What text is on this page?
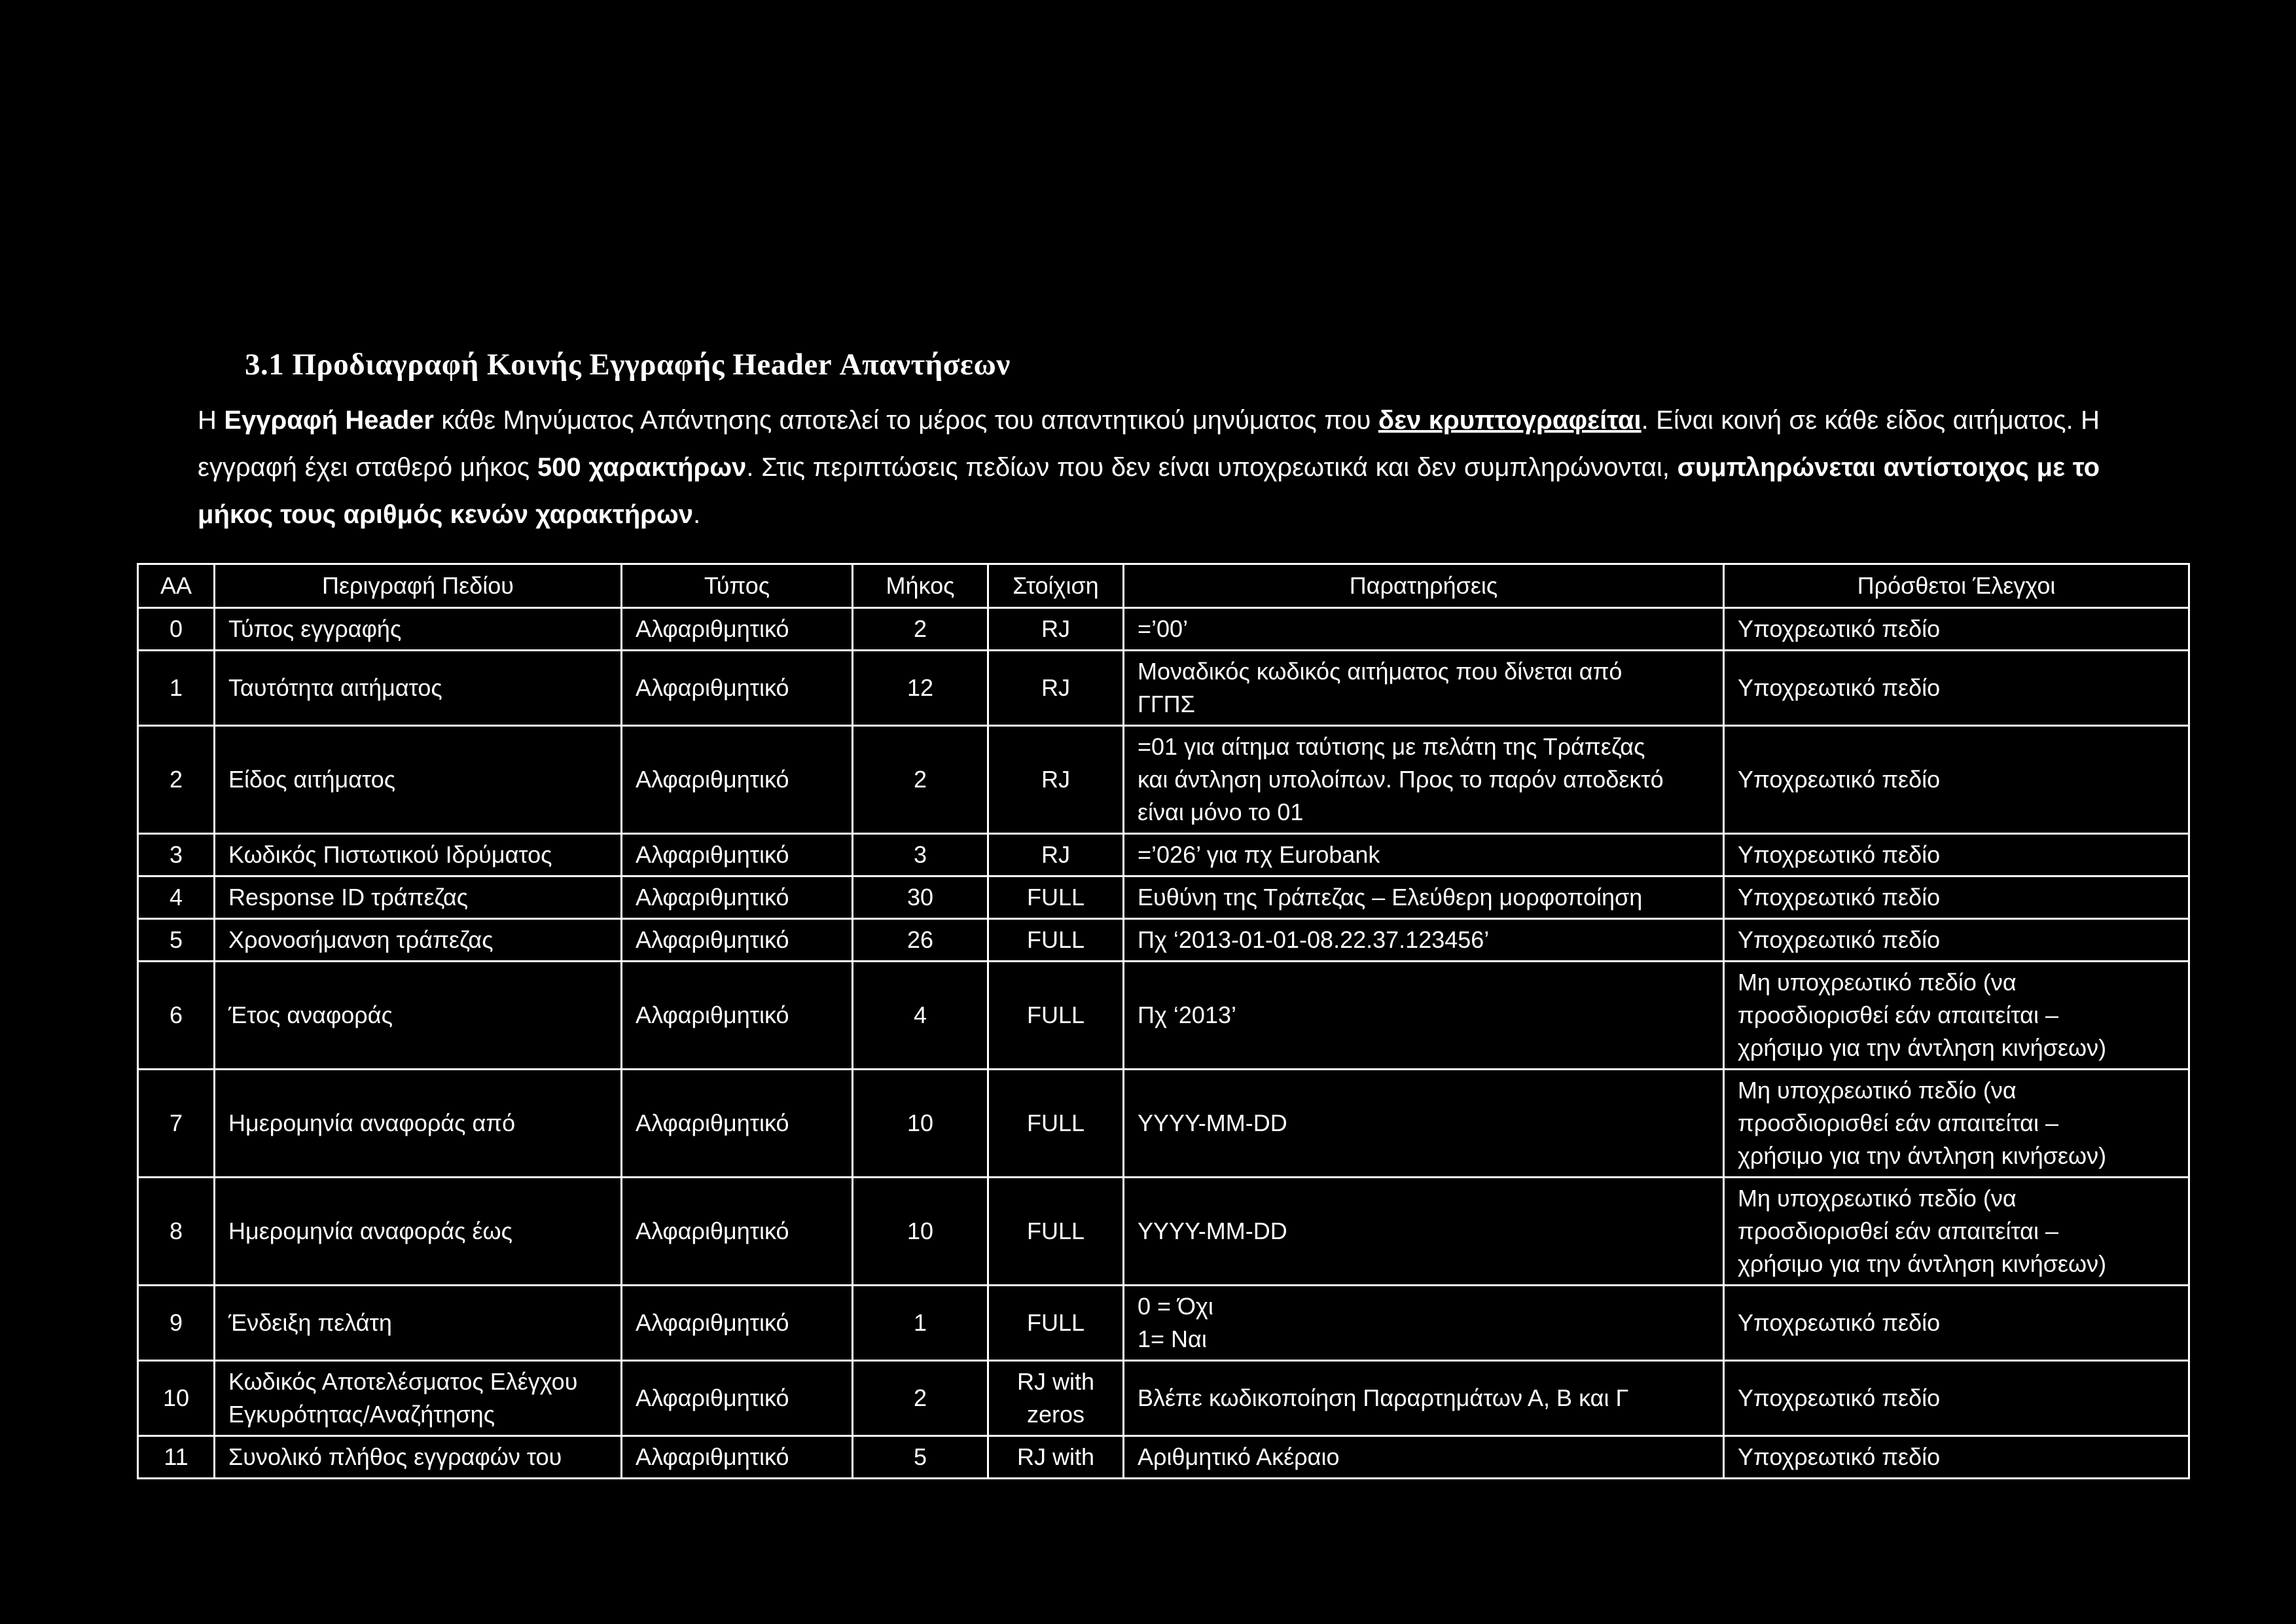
3.1 Προδιαγραφή Κοινής Εγγραφής Header Απαντήσεων
Η Εγγραφή Header κάθε Μηνύματος Απάντησης αποτελεί το μέρος του απαντητικού μηνύματος που δεν κρυπτογραφείται. Είναι κοινή σε κάθε είδος αιτήματος. Η εγγραφή έχει σταθερό μήκος 500 χαρακτήρων. Στις περιπτώσεις πεδίων που δεν είναι υποχρεωτικά και δεν συμπληρώνονται, συμπληρώνεται αντίστοιχος με το μήκος τους αριθμός κενών χαρακτήρων.
ΑΑ	Περιγραφή Πεδίου	Τύπος	Μήκος	Στοίχιση	Παρατηρήσεις	Πρόσθετοι Έλεγχοι
0	Τύπος εγγραφής	Αλφαριθμητικό	2	RJ	=’00’	Υποχρεωτικό πεδίο
1	Ταυτότητα αιτήματος	Αλφαριθμητικό	12	RJ	Μοναδικός κωδικός αιτήματος που δίνεται από
ΓΓΠΣ	Υποχρεωτικό πεδίο
2	Είδος αιτήματος	Αλφαριθμητικό	2	RJ	=01 για αίτημα ταύτισης με πελάτη της Τράπεζας
και άντληση υπολοίπων. Προς το παρόν αποδεκτό
είναι μόνο το 01	Υποχρεωτικό πεδίο
3	Κωδικός Πιστωτικού Ιδρύματος	Αλφαριθμητικό	3	RJ	=’026’ για πχ Eurobank	Υποχρεωτικό πεδίο
4	Response ID τράπεζας	Αλφαριθμητικό	30	FULL	Ευθύνη της Τράπεζας – Ελεύθερη μορφοποίηση	Υποχρεωτικό πεδίο
5	Χρονοσήμανση τράπεζας	Αλφαριθμητικό	26	FULL	Πχ ‘2013-01-01-08.22.37.123456’	Υποχρεωτικό πεδίο
6	Έτος αναφοράς	Αλφαριθμητικό	4	FULL	Πχ ‘2013’	Μη υποχρεωτικό πεδίο (να
προσδιορισθεί εάν απαιτείται –
χρήσιμο για την άντληση κινήσεων)
7	Ημερομηνία αναφοράς από	Αλφαριθμητικό	10	FULL	YYYY-MM-DD	Μη υποχρεωτικό πεδίο (να
προσδιορισθεί εάν απαιτείται –
χρήσιμο για την άντληση κινήσεων)
8	Ημερομηνία αναφοράς έως	Αλφαριθμητικό	10	FULL	YYYY-MM-DD	Μη υποχρεωτικό πεδίο (να
προσδιορισθεί εάν απαιτείται –
χρήσιμο για την άντληση κινήσεων)
9	Ένδειξη πελάτη	Αλφαριθμητικό	1	FULL	0 = Όχι
1= Ναι	Υποχρεωτικό πεδίο
10	Κωδικός Αποτελέσματος Ελέγχου
Εγκυρότητας/Αναζήτησης	Αλφαριθμητικό	2	RJ with
zeros	Βλέπε κωδικοποίηση Παραρτημάτων Α, Β και Γ	Υποχρεωτικό πεδίο
11	Συνολικό πλήθος εγγραφών του	Αλφαριθμητικό	5	RJ with	Αριθμητικό Ακέραιο	Υποχρεωτικό πεδίο
